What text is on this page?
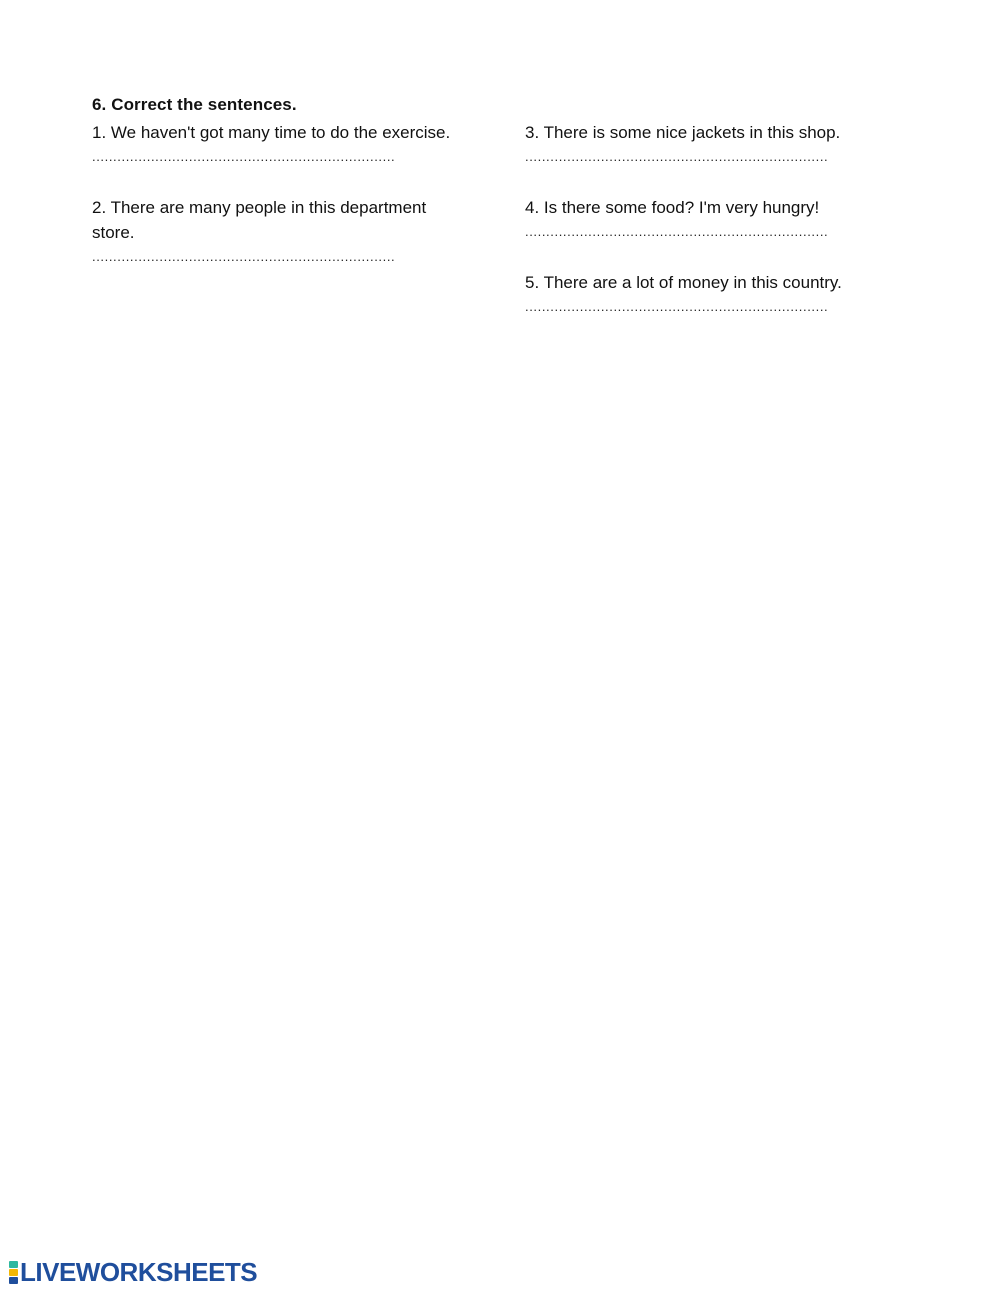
6. Correct the sentences.
1. We haven't got many time to do the exercise.
........................................................................
2. There are many people in this department store.
........................................................................
3. There is some nice jackets in this shop.
........................................................................
4. Is there some food? I'm very hungry!
........................................................................
5. There are a lot of money in this country.
........................................................................
LIVEWORKSHEETS
